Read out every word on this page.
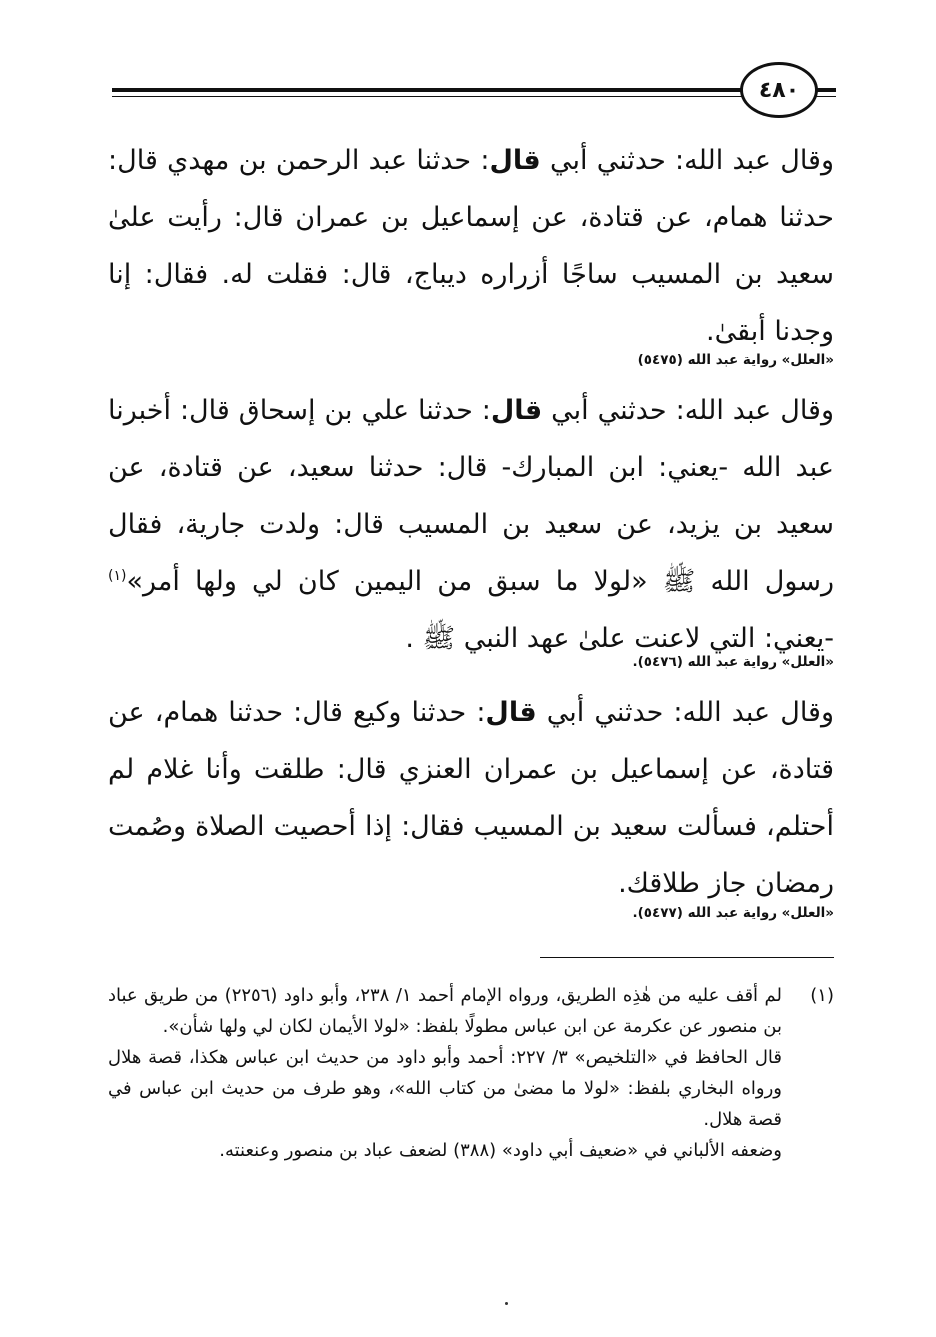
٤٨٠
وقال عبد الله: حدثني أبي قال: حدثنا عبد الرحمن بن مهدي قال: حدثنا همام، عن قتادة، عن إسماعيل بن عمران قال: رأيت علىٰ سعيد بن المسيب ساجًا أزراره ديباج، قال: فقلت له. فقال: إنا وجدنا أبقىٰ.
«العلل» رواية عبد الله (٥٤٧٥)
وقال عبد الله: حدثني أبي قال: حدثنا علي بن إسحاق قال: أخبرنا عبد الله -يعني: ابن المبارك- قال: حدثنا سعيد، عن قتادة، عن سعيد بن يزيد، عن سعيد بن المسيب قال: ولدت جارية، فقال رسول الله ﷺ «لولا ما سبق من اليمين كان لي ولها أمر»$^{(١)}$ -يعني: التي لاعنت علىٰ عهد النبي ﷺ .
«العلل» رواية عبد الله (٥٤٧٦).
وقال عبد الله: حدثني أبي قال: حدثنا وكيع قال: حدثنا همام، عن قتادة، عن إسماعيل بن عمران العنزي قال: طلقت وأنا غلام لم أحتلم، فسألت سعيد بن المسيب فقال: إذا أحصيت الصلاة وصُمت رمضان جاز طلاقك.
«العلل» رواية عبد الله (٥٤٧٧).
(١)
لم أقف عليه من هٰذِه الطريق، ورواه الإمام أحمد ١/ ٢٣٨، وأبو داود (٢٢٥٦) من طريق عباد بن منصور عن عكرمة عن ابن عباس مطولًا بلفظ: «لولا الأيمان لكان لي ولها شأن».
قال الحافظ في «التلخيص» ٣/ ٢٢٧: أحمد وأبو داود من حديث ابن عباس هكذا، قصة هلال ورواه البخاري بلفظ: «لولا ما مضىٰ من كتاب الله»، وهو طرف من حديث ابن عباس في قصة هلال.
وضعفه الألباني في «ضعيف أبي داود» (٣٨٨) لضعف عباد بن منصور وعنعنته.
